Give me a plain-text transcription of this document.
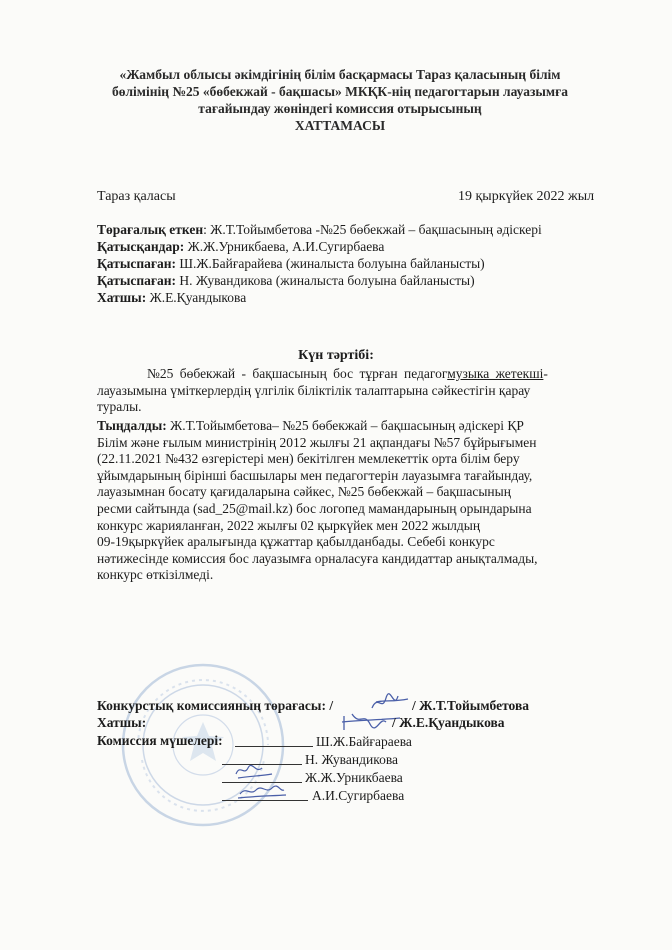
«Жамбыл облысы әкімдігінің білім басқармасы Тараз қаласының білім
бөлімінің №25 «бөбекжай - бақшасы» МКҚК-нің педагогтарын лауазымға
тағайындау жөніндегі комиссия отырысының
ХАТТАМАСЫ
Тараз қаласы	19 қыркүйек 2022 жыл
Төрағалық еткен: Ж.Т.Тойымбетова -№25 бөбекжай – бақшасының әдіскері
Қатысқандар: Ж.Ж.Урникбаева, А.И.Сугирбаева
Қатыспаған: Ш.Ж.Байғарайева (жиналыста болуына байланысты)
Қатыспаған: Н. Жувандикова (жиналыста болуына байланысты)
Хатшы: Ж.Е.Қуандыкова
Күн тәртібі:
№25 бөбекжай - бақшасының бос тұрған педагогмузыка жетекші-
лауазымына үміткерлердің үлгілік біліктілік талаптарына сәйкестігін қарау
туралы.
Тыңдалды: Ж.Т.Тойымбетова– №25 бөбекжай – бақшасының әдіскері ҚР
Білім және ғылым министрінің 2012 жылғы 21 ақпандағы №57 бұйрығымен
(22.11.2021 №432 өзгерістері мен) бекітілген мемлекеттік орта білім беру
ұйымдарының бірінші басшылары мен педагогтерін лауазымға тағайындау,
лауазымнан босату қағидаларына сәйкес, №25 бөбекжай – бақшасының
ресми сайтында (sad_25@mail.kz) бос логопед мамандарының орындарына
конкурс жарияланған, 2022 жылғы 02 қыркүйек мен 2022 жылдың
09-19қыркүйек аралығында құжаттар қабылданбады. Себебі конкурс
нәтижесінде комиссия бос лауазымға орналасуға кандидаттар анықталмады,
конкурс өткізілмеді.
Конкурстық комиссияның төрағасы: /	/ Ж.Т.Тойымбетова
Хатшы:	/ Ж.Е.Қуандыкова
Комиссия мүшелері:	Ш.Ж.Байғараева
Н. Жувандикова
Ж.Ж.Урникбаева
А.И.Сугирбаева
